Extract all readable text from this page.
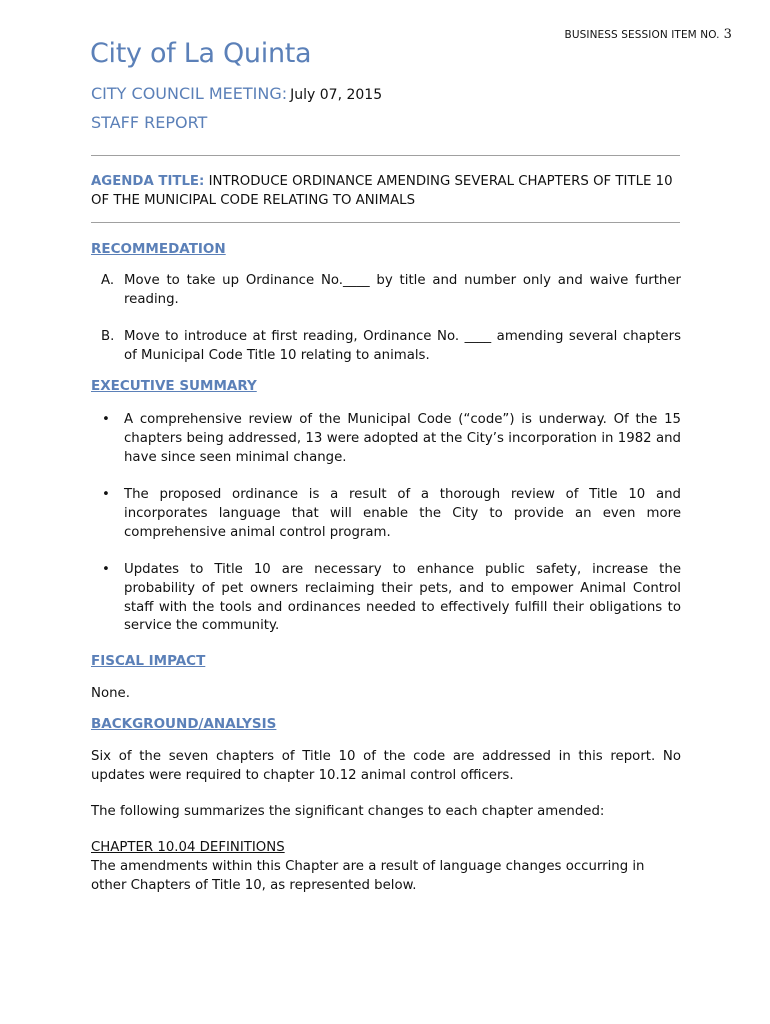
BUSINESS SESSION ITEM NO. 3
City of La Quinta
CITY COUNCIL MEETING: July 07, 2015
STAFF REPORT
AGENDA TITLE: INTRODUCE ORDINANCE AMENDING SEVERAL CHAPTERS OF TITLE 10 OF THE MUNICIPAL CODE RELATING TO ANIMALS
RECOMMEDATION
A. Move to take up Ordinance No.____ by title and number only and waive further reading.
B. Move to introduce at first reading, Ordinance No. ____ amending several chapters of Municipal Code Title 10 relating to animals.
EXECUTIVE SUMMARY
• A comprehensive review of the Municipal Code (“code”) is underway. Of the 15 chapters being addressed, 13 were adopted at the City’s incorporation in 1982 and have since seen minimal change.
• The proposed ordinance is a result of a thorough review of Title 10 and incorporates language that will enable the City to provide an even more comprehensive animal control program.
• Updates to Title 10 are necessary to enhance public safety, increase the probability of pet owners reclaiming their pets, and to empower Animal Control staff with the tools and ordinances needed to effectively fulfill their obligations to service the community.
FISCAL IMPACT
None.
BACKGROUND/ANALYSIS
Six of the seven chapters of Title 10 of the code are addressed in this report. No updates were required to chapter 10.12 animal control officers.
The following summarizes the significant changes to each chapter amended:
CHAPTER 10.04 DEFINITIONS
The amendments within this Chapter are a result of language changes occurring in other Chapters of Title 10, as represented below.
